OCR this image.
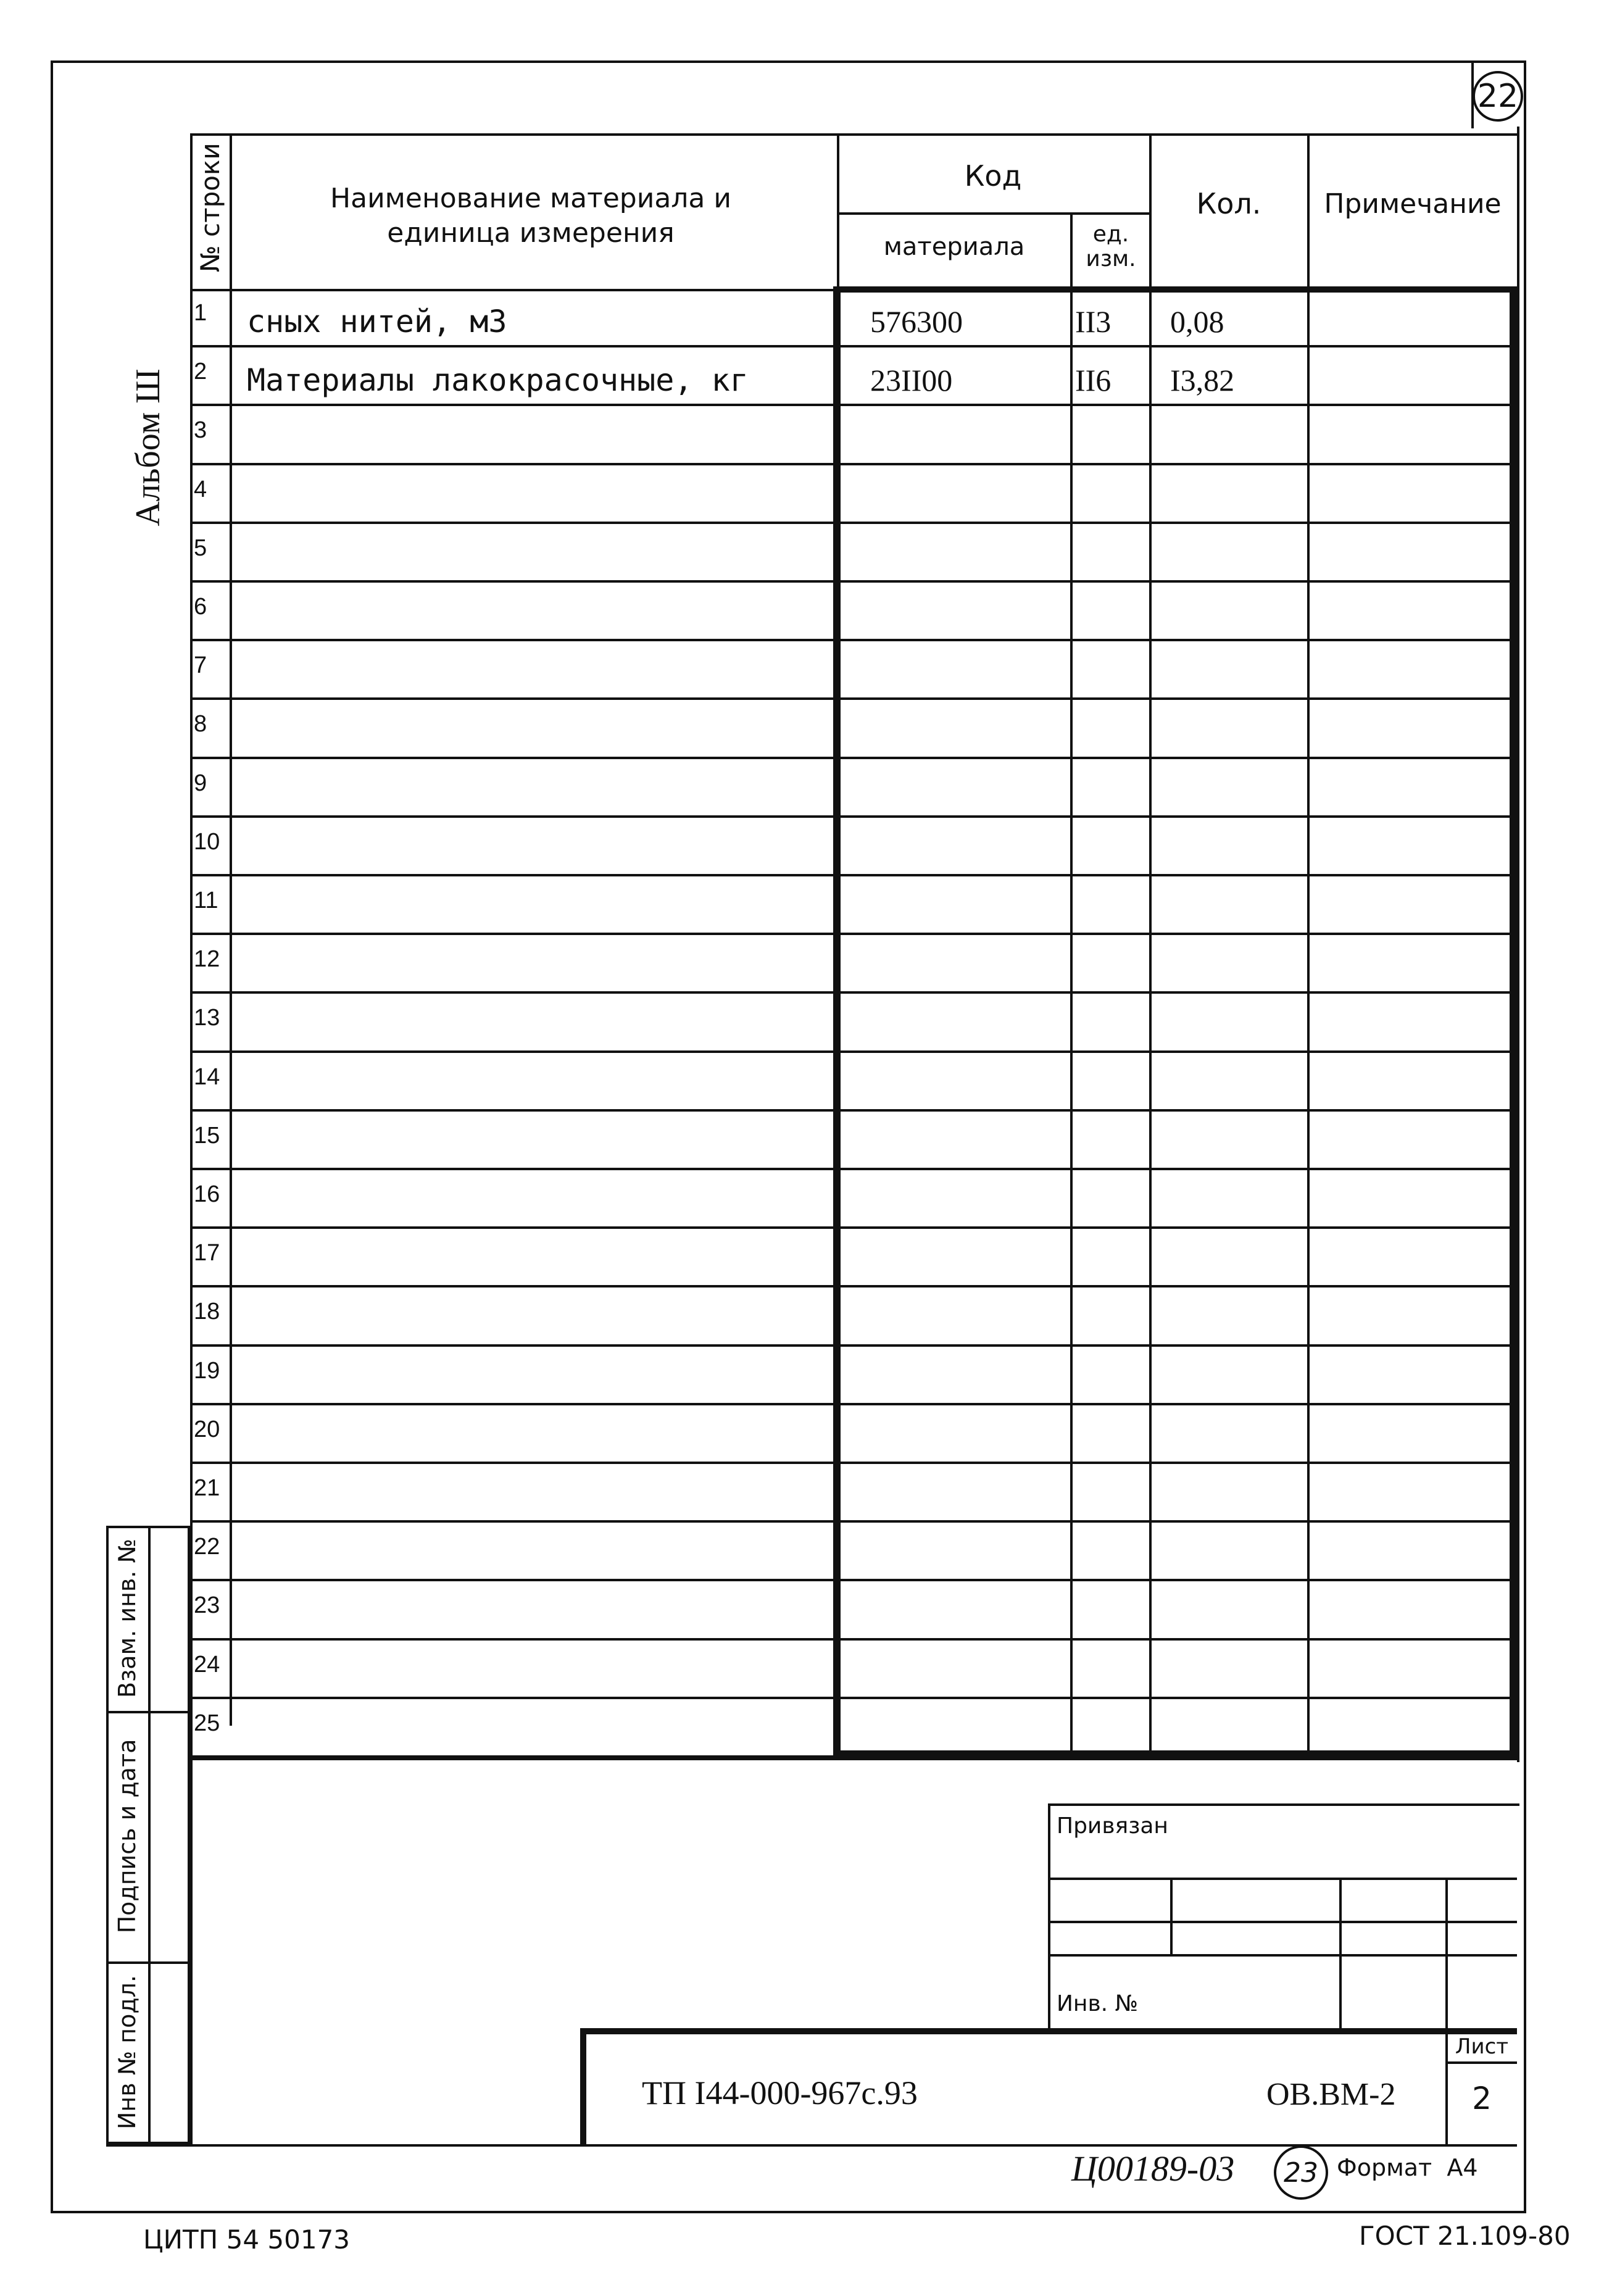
22
Альбом Ш
№ строки	Наименование материала и единица измерения
Код
материала	ед. изм.
Кол.	Примечание
1 сных нитей, м3	576300	II3 0,08
2 Материалы лакокрасочные, кг	23II00	II6 I3,82
3
4
5
6
7
8
9
10
11
12
13
14
15
16
17
18
19
20
21
22
23
24
25
Взам. инв. №
Подпись и дата
Инв № подл.
Привязан
Инв. №
ТП I44-000-967с.93	ОВ.ВМ-2
Лист
2
Ц00189-03 23 Формат  А4
ЦИТП 54 50173	ГОСТ 21.109-80
